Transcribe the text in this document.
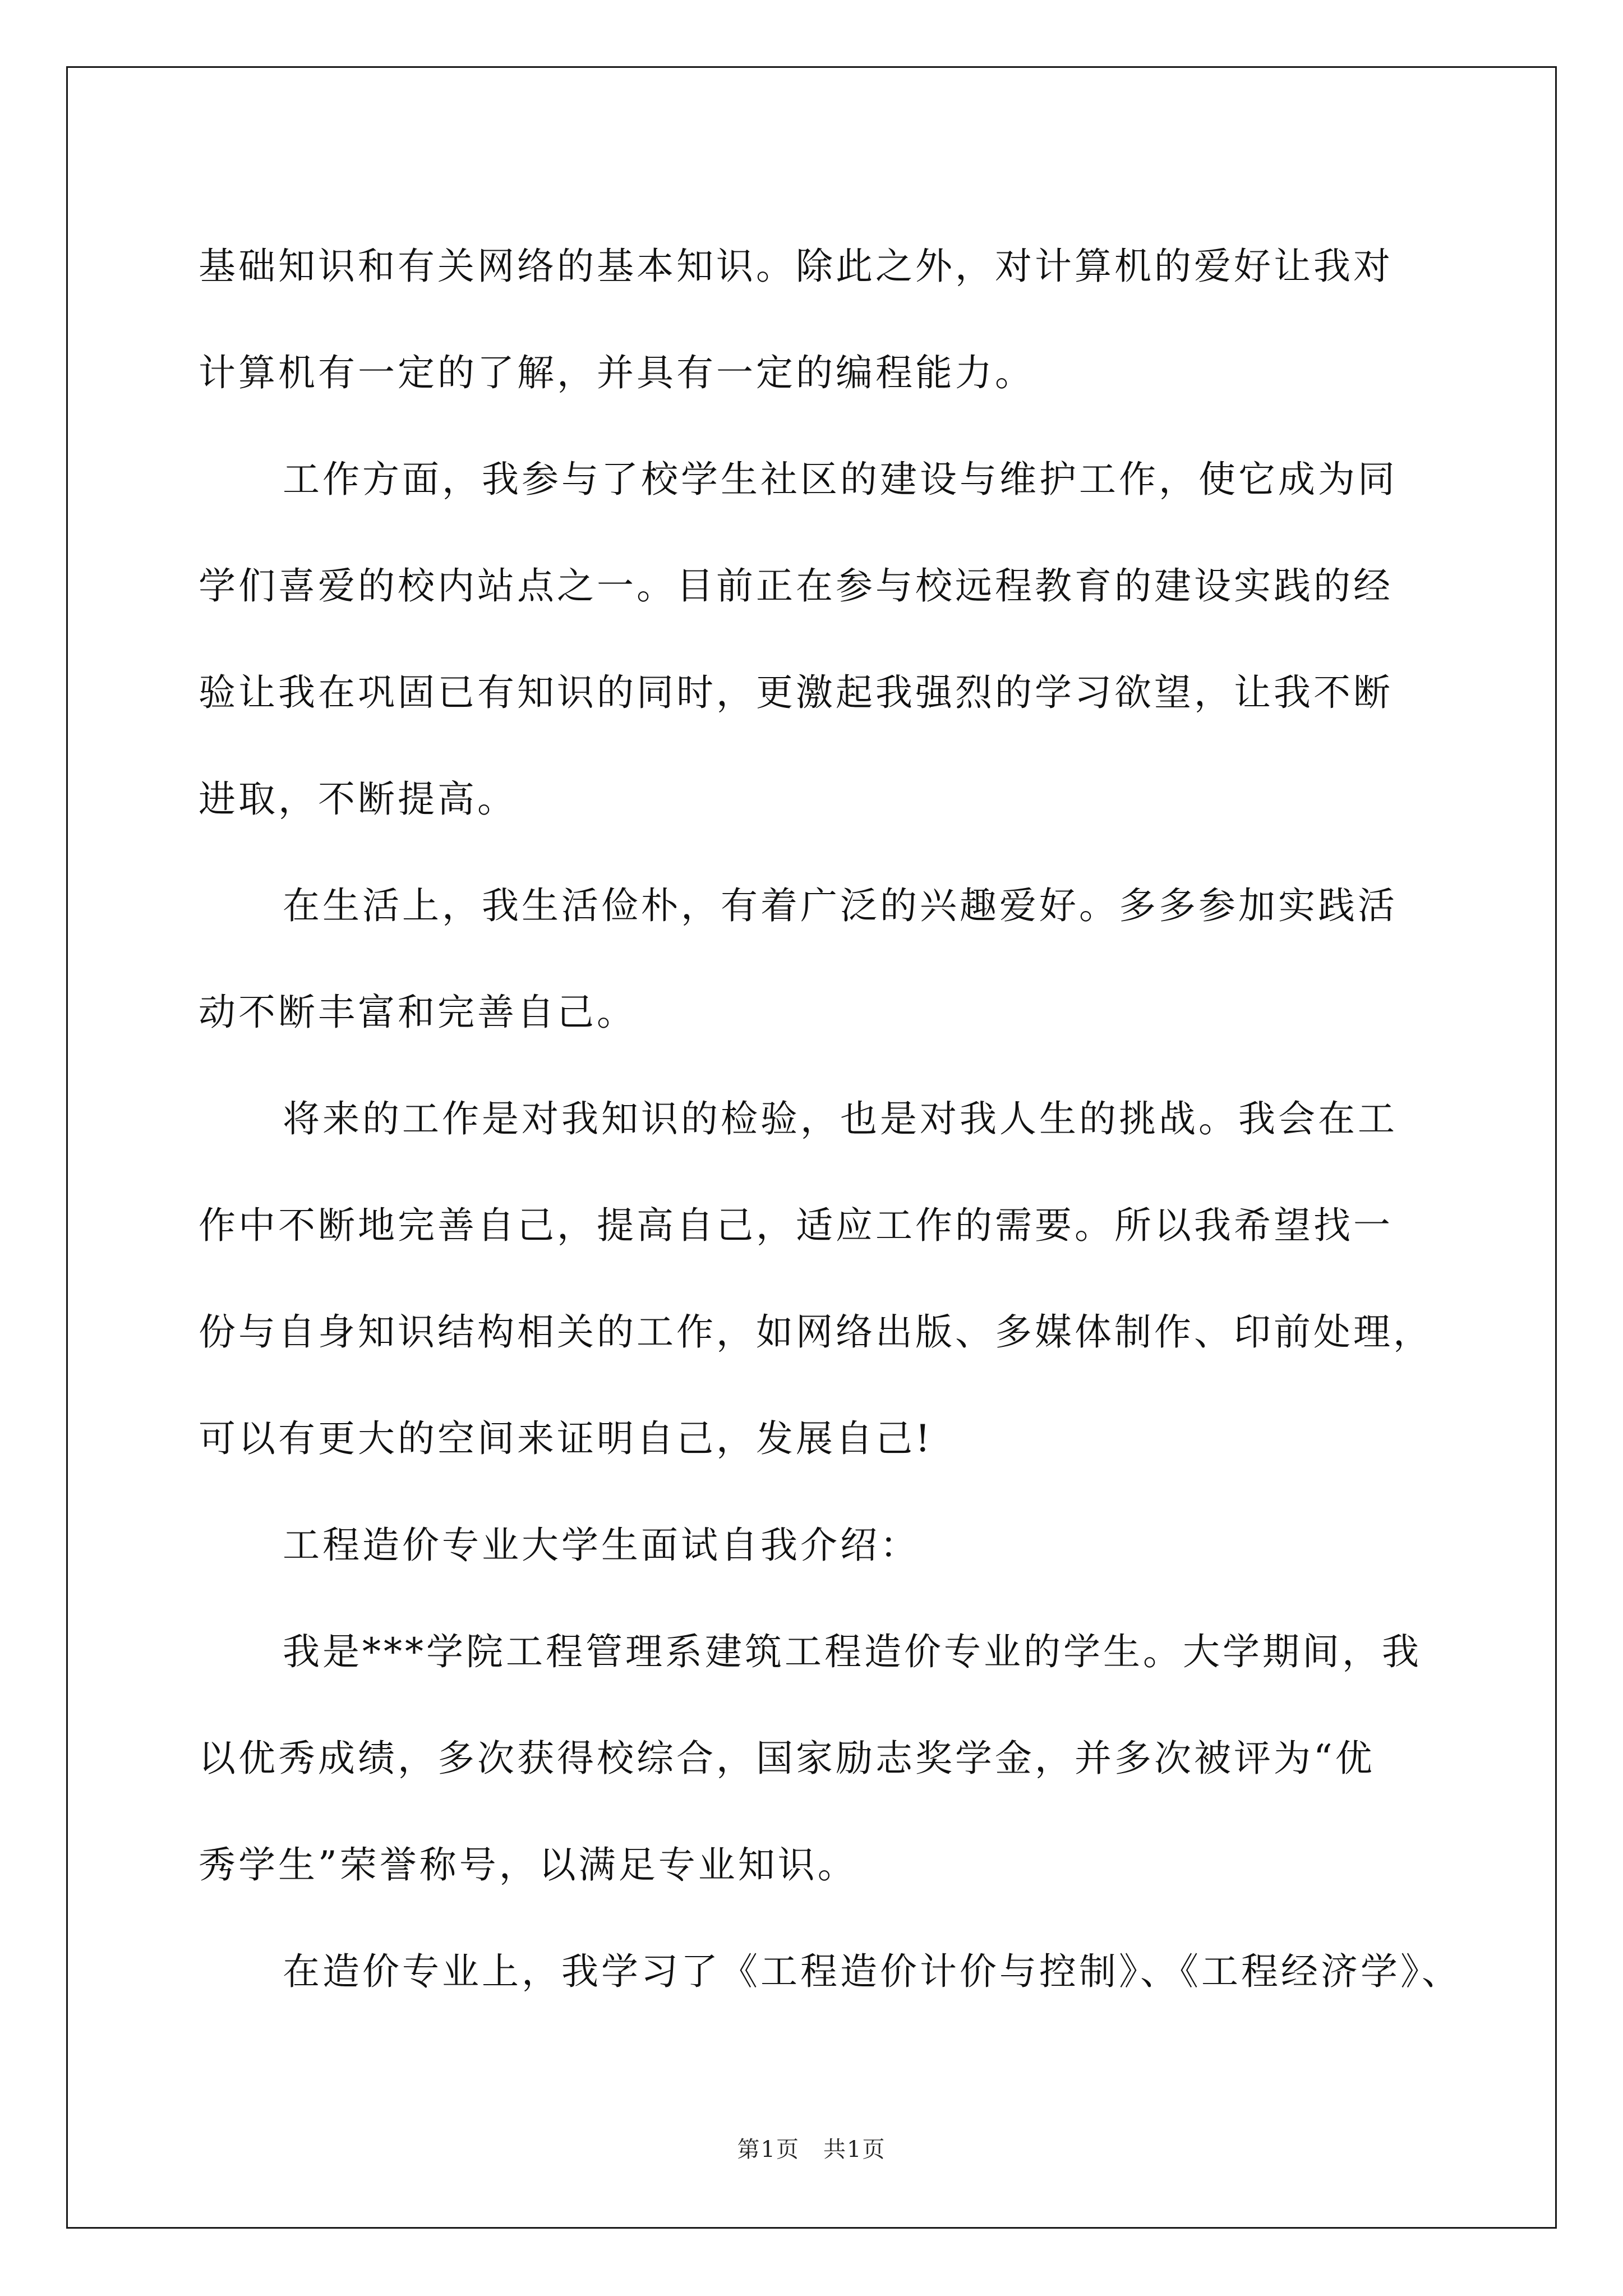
基础知识和有关网络的基本知识。除此之外，对计算机的爱好让我对
计算机有一定的了解，并具有一定的编程能力。
工作方面，我参与了校学生社区的建设与维护工作，使它成为同
学们喜爱的校内站点之一。目前正在参与校远程教育的建设实践的经
验让我在巩固已有知识的同时，更激起我强烈的学习欲望，让我不断
进取，不断提高。
在生活上，我生活俭朴，有着广泛的兴趣爱好。多多参加实践活
动不断丰富和完善自己。
将来的工作是对我知识的检验，也是对我人生的挑战。我会在工
作中不断地完善自己，提高自己，适应工作的需要。所以我希望找一
份与自身知识结构相关的工作，如网络出版、多媒体制作、印前处理，
可以有更大的空间来证明自己，发展自己!
工程造价专业大学生面试自我介绍：
我是***学院工程管理系建筑工程造价专业的学生。大学期间，我
以优秀成绩，多次获得校综合，国家励志奖学金，并多次被评为“优
秀学生”荣誉称号，以满足专业知识。
在造价专业上，我学习了《工程造价计价与控制》、《工程经济学》、
第1页　共1页
